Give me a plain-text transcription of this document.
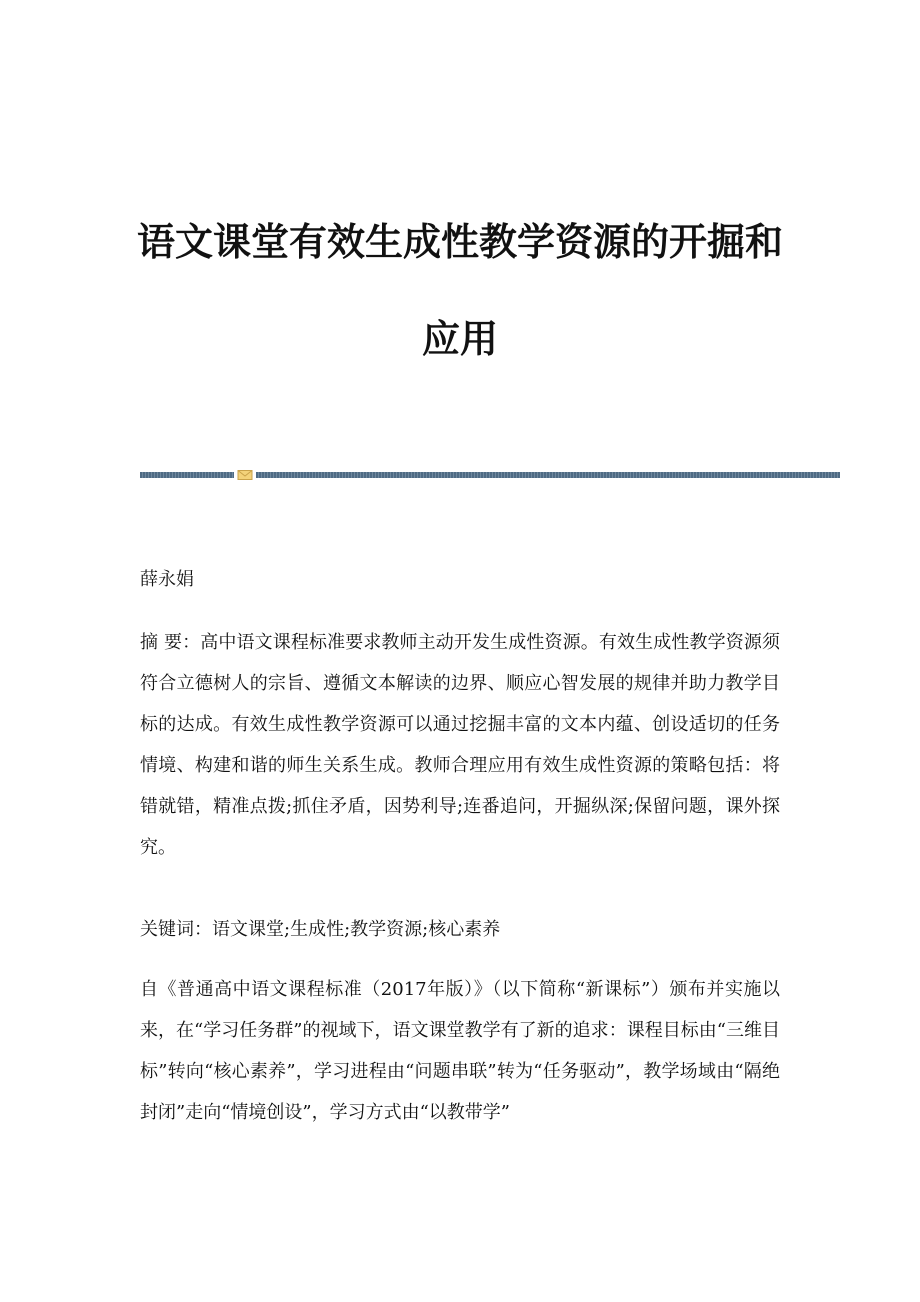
语文课堂有效生成性教学资源的开掘和
应用
薛永娟
摘 要：高中语文课程标准要求教师主动开发生成性资源。有效生成性教学资源须符合立德树人的宗旨、遵循文本解读的边界、顺应心智发展的规律并助力教学目标的达成。有效生成性教学资源可以通过挖掘丰富的文本内蕴、创设适切的任务情境、构建和谐的师生关系生成。教师合理应用有效生成性资源的策略包括：将错就错，精准点拨;抓住矛盾，因势利导;连番追问，开掘纵深;保留问题，课外探究。
关键词：语文课堂;生成性;教学资源;核心素养
自《普通高中语文课程标准（2017年版）》（以下简称“新课标”）颁布并实施以来，在“学习任务群”的视域下，语文课堂教学有了新的追求：课程目标由“三维目标”转向“核心素养”，学习进程由“问题串联”转为“任务驱动”，教学场域由“隔绝封闭”走向“情境创设”，学习方式由“以教带学”
